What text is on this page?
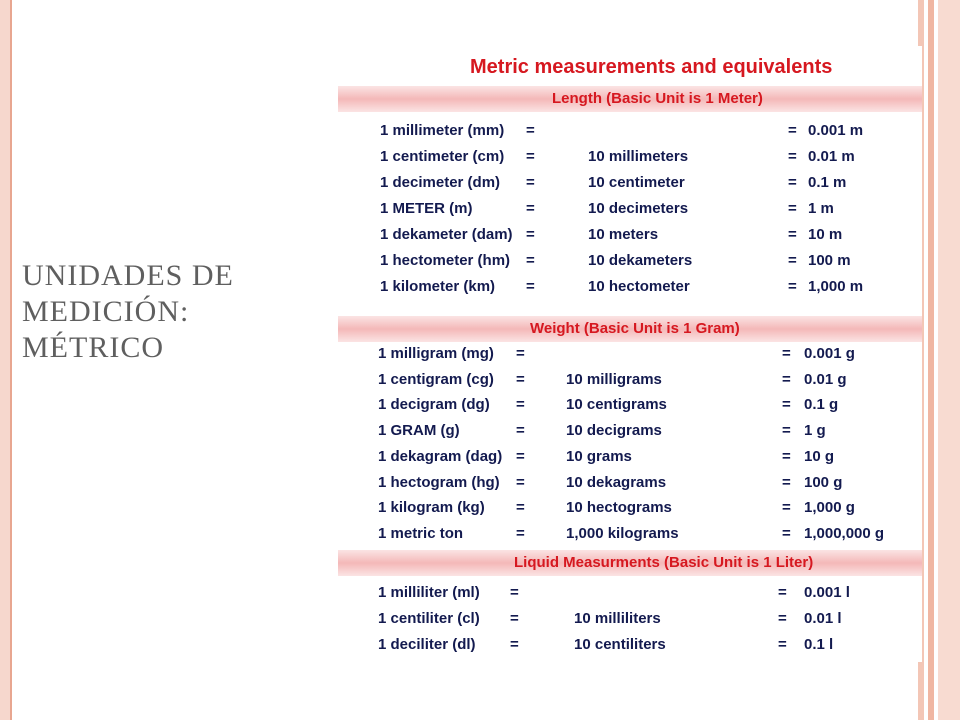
UNIDADES DE
MEDICIÓN:
MÉTRICO
Metric measurements and equivalents
Length (Basic Unit is 1 Meter)
1 millimeter (mm) =	= 0.001 m
1 centimeter (cm) =	10 millimeters	= 0.01 m
1 decimeter (dm) =	10 centimeter	= 0.1 m
1 METER (m)	=	10 decimeters	= 1 m
1 dekameter (dam) =	10 meters	= 10 m
1 hectometer (hm) =	10 dekameters	= 100 m
1 kilometer (km) =	10 hectometer	= 1,000 m
Weight (Basic Unit is 1 Gram)
1 milligram (mg) =	= 0.001 g
1 centigram (cg) =	10 milligrams	= 0.01 g
1 decigram (dg) =	10 centigrams	= 0.1 g
1 GRAM (g)	=	10 decigrams	= 1 g
1 dekagram (dag) =	10 grams	= 10 g
1 hectogram (hg) =	10 dekagrams	= 100 g
1 kilogram (kg) =	10 hectograms	= 1,000 g
1 metric ton	=	1,000 kilograms	= 1,000,000 g
Liquid Measurments (Basic Unit is 1 Liter)
1 milliliter (ml) =	= 0.001 l
1 centiliter (cl) =	10 milliliters	= 0.01 l
1 deciliter (dl) =	10 centiliters	= 0.1 l
